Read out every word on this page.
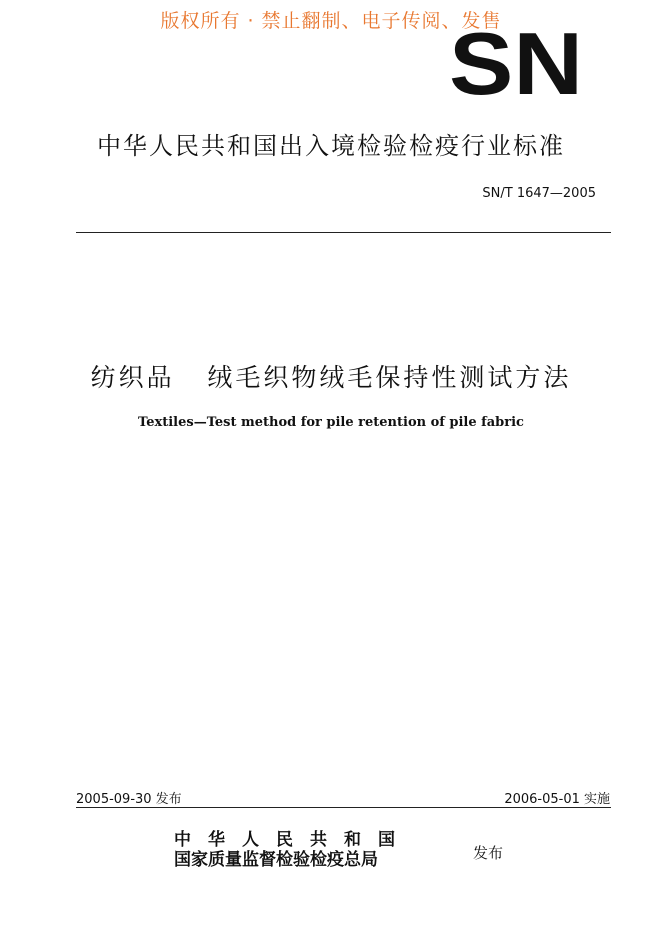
版权所有 · 禁止翻制、电子传阅、发售
SN
中华人民共和国出入境检验检疫行业标准
SN/T 1647—2005
纺织品   绒毛织物绒毛保持性测试方法
Textiles—Test method for pile retention of pile fabric
2005-09-30 发布	2006-05-01 实施
中华人民共和国
国家质量监督检验检疫总局	发布
